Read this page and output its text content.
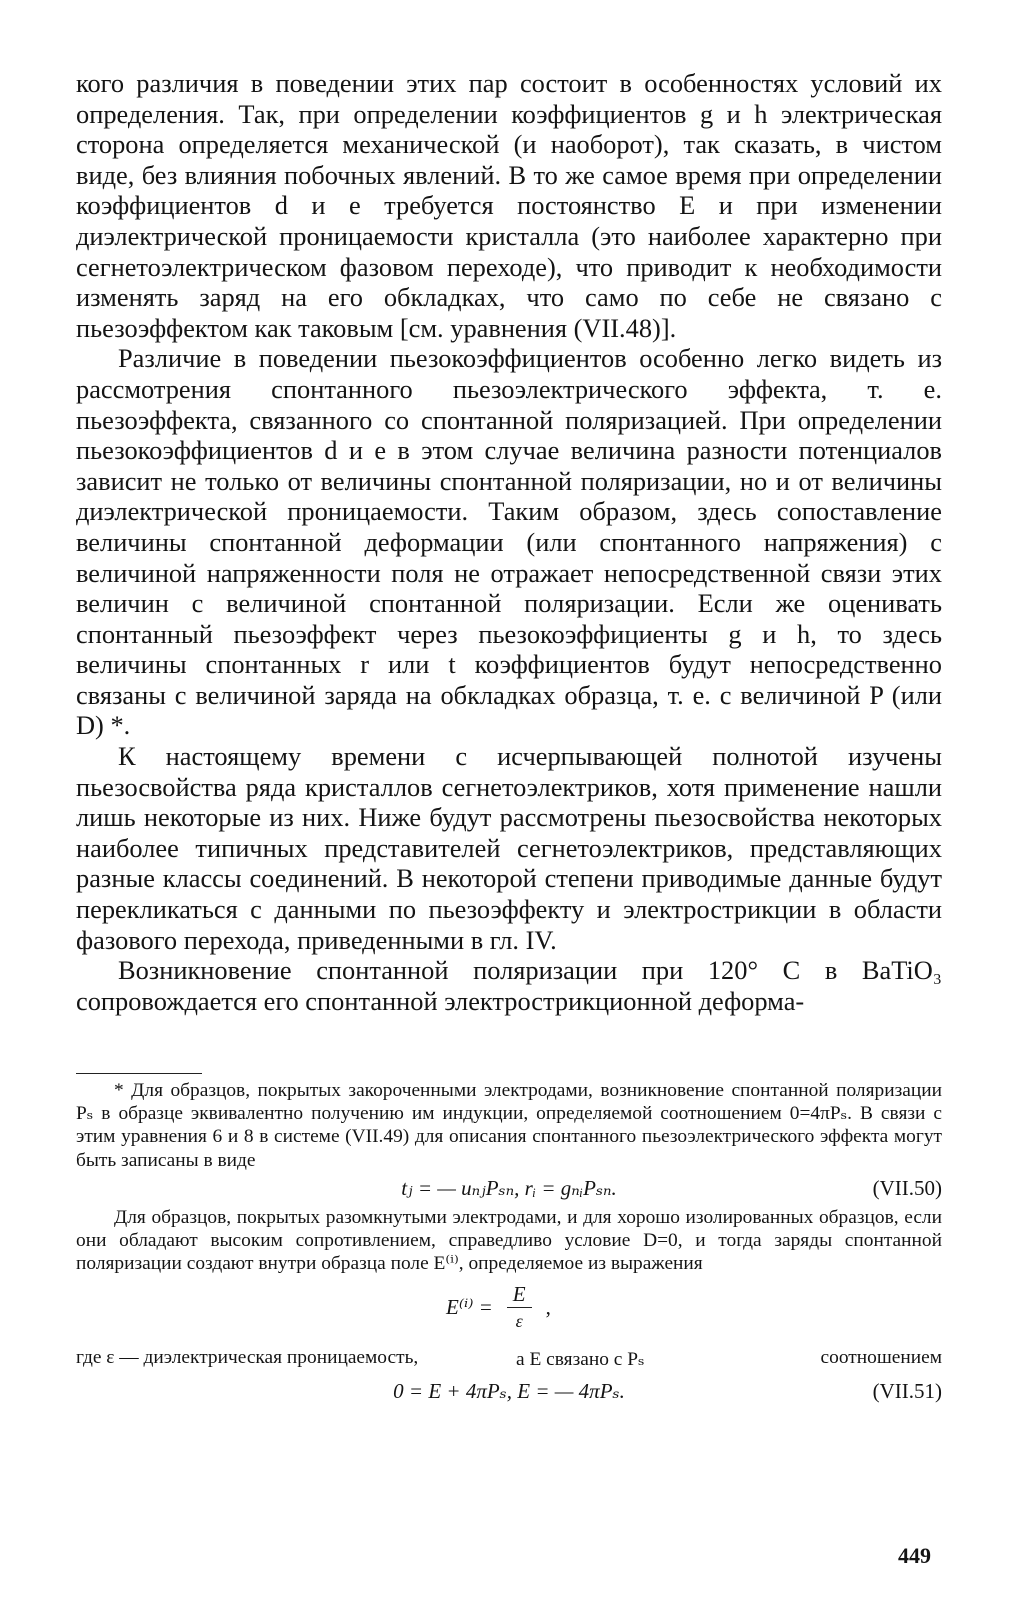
кого различия в поведении этих пар состоит в особенностях условий их определения. Так, при определении коэффициентов g и h электрическая сторона определяется механической (и наоборот), так сказать, в чистом виде, без влияния побочных явлений. В то же самое время при определении коэффициентов d и e требуется постоянство E и при изменении диэлектрической проницаемости кристалла (это наиболее характерно при сегнетоэлектрическом фазовом переходе), что приводит к необходимости изменять заряд на его обкладках, что само по себе не связано с пьезоэффектом как таковым [см. уравнения (VII.48)].

Различие в поведении пьезокоэффициентов особенно легко видеть из рассмотрения спонтанного пьезоэлектрического эффекта, т. е. пьезоэффекта, связанного со спонтанной поляризацией. При определении пьезокоэффициентов d и e в этом случае величина разности потенциалов зависит не только от величины спонтанной поляризации, но и от величины диэлектрической проницаемости. Таким образом, здесь сопоставление величины спонтанной деформации (или спонтанного напряжения) с величиной напряженности поля не отражает непосредственной связи этих величин с величиной спонтанной поляризации. Если же оценивать спонтанный пьезоэффект через пьезокоэффициенты g и h, то здесь величины спонтанных r или t коэффициентов будут непосредственно связаны с величиной заряда на обкладках образца, т. е. с величиной P (или D) *.

К настоящему времени с исчерпывающей полнотой изучены пьезосвойства ряда кристаллов сегнетоэлектриков, хотя применение нашли лишь некоторые из них. Ниже будут рассмотрены пьезосвойства некоторых наиболее типичных представителей сегнетоэлектриков, представляющих разные классы соединений. В некоторой степени приводимые данные будут перекликаться с данными по пьезоэффекту и электрострикции в области фазового перехода, приведенными в гл. IV.

Возникновение спонтанной поляризации при 120° C в BaTiO₃ сопровождается его спонтанной электрострикционной деформа-

* Для образцов, покрытых закороченными электродами, возникновение спонтанной поляризации Pₛ в образце эквивалентно получению им индукции, определяемой соотношением 0=4πPₛ. В связи с этим уравнения 6 и 8 в системе (VII.49) для описания спонтанного пьезоэлектрического эффекта могут быть записаны в виде

tⱼ = — uₙⱼPₛₙ, rᵢ = gₙᵢPₛₙ.	(VII.50)

Для образцов, покрытых разомкнутыми электродами, и для хорошо изолированных образцов, если они обладают высоким сопротивлением, справедливо условие D=0, и тогда заряды спонтанной поляризации создают внутри образца поле E⁽ⁱ⁾, определяемое из выражения

$E^{(i)} = \frac{E}{\varepsilon}$ ,
где ε — диэлектрическая проницаемость,	а E связано с Pₛ	соотношением
0 = E + 4πPₛ, E = — 4πPₛ.	(VII.51)
449
